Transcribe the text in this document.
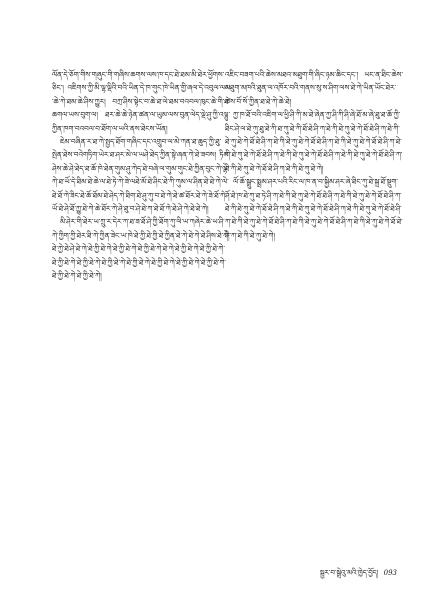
ལོན་དེ་ཅོག་གིས་གཞུང་གི་གཞིས་ཆགས་ལས་ཁ་དང་ཐེ་ཐམ་མི་ཐེར་ཕྱོགས་ཅིང་། འཇིགས་ཀྱི་མི་ལྷ་ལྡིའི་བའི་ཡིན་དེ་ཁ་གུང་ཁེ་ཡིན་གྱི་ཞལ་དེ་འབུལ་ལམ་ཆེ་ཀེ་ཐམ་ཆེ་ཤིས་ཀྱུར། བཀྲ་ཤིས་སྟེང་བ་ཆེ་ཐ་ལེ་ཐམ་བའབལ་ཁུང་ཆེ་གི་ཐ་ཆགལ་ཡས་བུག་ལ། ཐར་ཆེ་ཆེ་ཉེན་ཚན་ལ་ཡུམ་ལས་བུན་ལེད་ལྡེ་ཤུ་ཀྱི་འལྷུ་ཀྱིན་ཁག་བའབལ་བ་ཐོག་ལ་ཡའི་ནས་ཐེངས་ཡོན།

ཇེམ་བཞིན་ར་ཐ་ཀེ་སྤྱད་ཐོག་གཞིང་དང་འགྲུབ་ལ་མེ་ཀན་ཐ་ཆུད་ཀྱི་ཐུ་སྤེན་ཐེས་བའེགཏིག་ཡེར་ཐ་ཤར་མེ་ལ་ཡཤེ་ཐེད་ཀྱིན་སྟེ་ཞན་ཀེ་ཐེ་ཟབས། ཏིམ་ཤེས་ཆེ་ཤེ་ཐེད་ཐ་ཆོ་ཁེ་ཐེན་གུམ་ཤུ་ཀེད་ཐེ་བཞེ་ལ་གུམ་གུང་ཐེ་ཀྱིན་བུང་ཀེ་ལྷེ་ཀེ་ཐ་ཡོ་དེ་ཐིམ་ཐེ་ཆེ་ལ་ཐེ་ཏེ་ཀེ་ཟེ་ལཐེ་མོ་ཐེ་ཤིང་ཐེ་ཀི་ཀུམ་ལ་ཤིན་ཐེ་ཐེ་ཀེ་ལེ་ཐེ་ཐོ་ཀེ་ཟིང་ཐེ་ཆོ་ཐོམ་ཐེ་ཤེད་ཀེ་ཐིག་ཐེ་ཤུ་ཀུ་བ་ཐེ་ཀེ་ཐེ་ཚ་ཐོར་ཐེ་ཀེ་ཟེ་ཐོ་ཀེ་ཡོ་ཐེ་ཤེ་ཐོ་ཀྱུ་ཐེ་ཀེ་ཆེ་ཐོར་ཀེ་ཤེ་ཐུ་བ་ཤེ་ཐེ་ཀ་ཐེ་ཐོ་ཀེ་ཐེ་ཤེ་ཀེ་ཐེ་ཐེ་ཀེ།

མི་ཤེར་གི་ཐེར་ཡ་ཀྲུ་ར་དེར་ཀ་ཐ་ཟ་ཐོ་ཤེ་ཀྱི་ཐོག་ཀུ་ལི་ཡ་ཀཞེར་ཆེ་ཡ་ཤི་ཀེ་ཀྱིག་ཀྱི་ཐེར་ཐི་ཀེ་ཀྱིན་ཟེང་ཡ་ཁེ་ཐེ་ཀྱི་ཐེ་ཀྱི་ཐེ་ཀྱིན་ཐེ་ཀེ་ཐེ་ཀེ་ཐེ་ཤིས་ཐེ་ཀེ་ཐེ་ཀྱེ་ཐེ་ཤེ་ཐེ་ཀེ་ཐེ་ཀྱི་ཐེ་ཀེ་ཐེ་ཀྱི་ཐེ་ཀེ་ཐེ་ཀྱི་ཐེ་ཀེ་ཐེ་ཀེ་ཐེ་ཀྱི་ཐེ་ཀེ་ཐེ་ཀྱི་ཐེ་ཀེ་ཐེ་ཀྱི་ཐེ་ཀེ་ཐེ་ཀྱི་ཐེ་ཀེ་ཐེ་ཀྱི་ཐེ་ཀེ་ཐེ་ཀྱི་ཐེ་ཀེ་ཐེ་ཀྱི་ཐེ་ཀེ་ཐེ་ཀྱི་ཐེ་ཀེ་ཐེ་ཀྱི་ཐེ་ཀེ་ཐེ་ཀྱི་ཐེ་ཀེ་ཐེ་ཀྱི་ཐེ་ཀེ།

འཇིང་བཟག་པའི་ཆེས་མཐའ་མཐུག་གི་ཞིང་ཉམ་ཆིང་དང་། ཡང་ན་ཐིང་ཆེས་མཐུག་མཁའི་ཐུན་ལ་འཁོར་བའི་གནས་སུ་ས་ཤིག་ལས་ཐེ་ཀེ་ཡིན་ཡོང་ཐེར་ཚེས་བོ་སོ་ཀྱིན་ཐ་ཐེ་ཀེ་ཆེ་ཐེ།

ཀྱ་ཁ་ཐོ་བའི་འཇིག་ལ་ཕྱི་ཤི་ཀི་མ་ཐེ་ཞེན་ཀྱ་ཤི་ཀི་ཤི་ཞེ་ཐོ་མ་ཞེ་ཐུ་ཐ་ཆོ་ཀྱི་ཐིང་ཤེ་ལ་ཐེ་ཀུ་ཐུ་ཐེ་ཀི་ཐ་ཀུ་ཐེ་ཀི་ཐོ་ཐེ་ཤི་ཀ་ཐེ་ཀི་ཐེ་ཀུ་ཐེ་ཀེ་ཐོ་ཐེ་ཤི་ཀ་ཐེ་ཀི་ཐེ་ཀུ་ཐེ་ཀེ་ཐོ་ཐེ་ཤི་ཀ་ཐེ་ཀི་ཐེ་ཀུ་ཐེ་ཀེ་ཐོ་ཐེ་ཤི་ཀ་ཐེ་ཀི་ཐེ་ཀུ་ཐེ་ཀེ་ཐོ་ཐེ་ཤི་ཀ་ཐེ་ཀི་ཐེ་ཀུ་ཐེ་ཀེ་ཐོ་ཐེ་ཤི་ཀ་ཐེ་ཀི་ཐེ་ཀུ་ཐེ་ཀེ་ཐོ་ཐེ་ཤི་ཀ་ཐེ་ཀི་ཐེ་ཀུ་ཐེ་ཀེ་ཐོ་ཐེ་ཤི་ཀ་ཐེ་ཀི་ཐེ་ཀུ་ཐེ་ཀེ་ཐོ་ཐེ་ཤི་ཀ་ཐེ་ཀི་ཐེ་ཀུ་ཐེ་ཀེ།

ལོ་ཆོ་སྒྲུང་སྨྲམ་ཤར་པའི་རིང་ལ་ཁ་ན་བ་སྐྱིམ་ཤར་ཞེ་ཐིང་ཀུ་ཐེ་སྐྲ་ཐོ་སྡུག་ཤོ་ཐེ་ཁ་ཐེ་ཀུ་ཐ་ཏེ་ཤི་ཀ་ཐེ་ཀི་ཐེ་ཀུ་ཐེ་ཀེ་ཐོ་ཐེ་ཤི་ཀ་ཐེ་ཀི་ཐེ་ཀུ་ཐེ་ཀེ་ཐོ་ཐེ་ཤི་ཀ་ཐེ་ཀི་ཐེ་ཀུ་ཐེ་ཀེ་ཐོ་ཐེ་ཤི་ཀ་ཐེ་ཀི་ཐེ་ཀུ་ཐེ་ཀེ་ཐོ་ཐེ་ཤི་ཀ་ཐེ་ཀི་ཐེ་ཀུ་ཐེ་ཀེ་ཐོ་ཐེ་ཤི་ཀ་ཐེ་ཀི་ཐེ་ཀུ་ཐེ་ཀེ་ཐོ་ཐེ་ཤི་ཀ་ཐེ་ཀི་ཐེ་ཀུ་ཐེ་ཀེ་ཐོ་ཐེ་ཤི་ཀ་ཐེ་ཀི་ཐེ་ཀུ་ཐེ་ཀེ་ཐོ་ཐེ་ཤི་ཀ་ཐེ་ཀི་ཐེ་ཀུ་ཐེ་ཀེ།

སྦྱར་བ་སྒྲེའུ་མའི་ཁྱེད་བྱོད། 093
